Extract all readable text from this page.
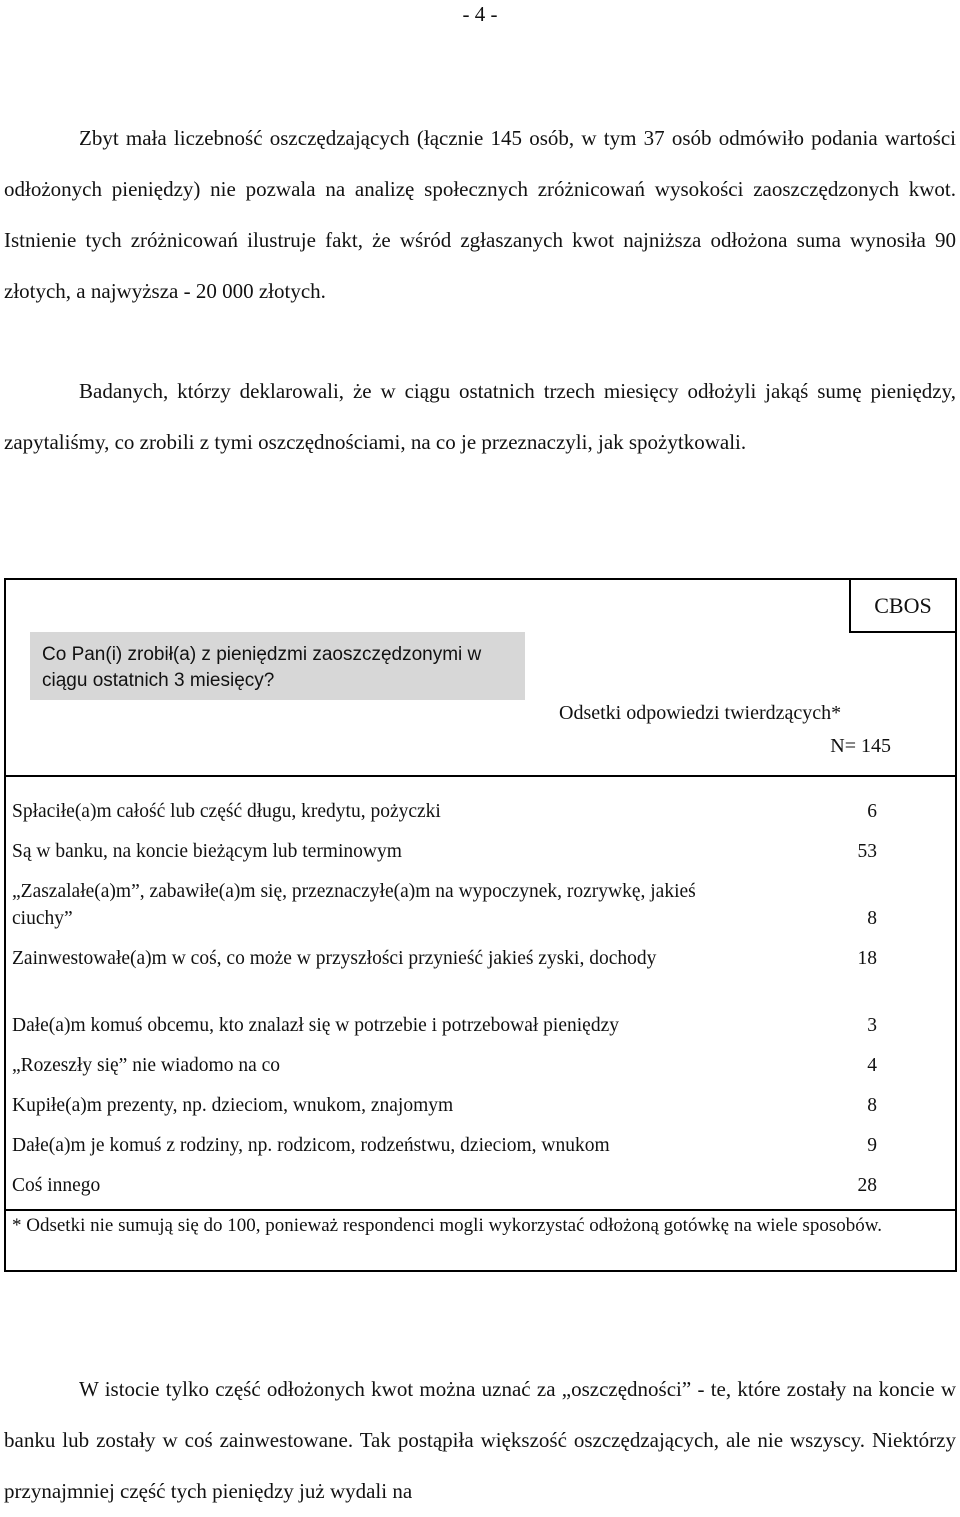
- 4 -
Zbyt mała liczebność oszczędzających (łącznie 145 osób, w tym 37 osób odmówiło podania wartości odłożonych pieniędzy) nie pozwala na analizę społecznych zróżnicowań wysokości zaoszczędzonych kwot. Istnienie tych zróżnicowań ilustruje fakt, że wśród zgłaszanych kwot najniższa odłożona suma wynosiła 90 złotych, a najwyższa - 20 000 złotych.
Badanych, którzy deklarowali, że w ciągu ostatnich trzech miesięcy odłożyli jakąś sumę pieniędzy, zapytaliśmy, co zrobili z tymi oszczędnościami, na co je przeznaczyli, jak spożytkowali.
CBOS
Co Pan(i) zrobił(a) z pieniędzmi zaoszczędzonymi w ciągu ostatnich 3 miesięcy?
Odsetki odpowiedzi twierdzących*
N= 145
Spłaciłe(a)m całość lub część długu, kredytu, pożyczki	6
Są w banku, na koncie bieżącym lub terminowym	53
„Zaszalałe(a)m”, zabawiłe(a)m się, przeznaczyłe(a)m na wypoczynek, rozrywkę, jakieś ciuchy”	8
Zainwestowałe(a)m w coś, co może w przyszłości przynieść jakieś zyski, dochody	18
Dałe(a)m komuś obcemu, kto znalazł się w potrzebie i potrzebował pieniędzy	3
„Rozeszły się” nie wiadomo na co	4
Kupiłe(a)m prezenty, np. dzieciom, wnukom, znajomym	8
Dałe(a)m je komuś z rodziny, np. rodzicom, rodzeństwu, dzieciom, wnukom	9
Coś innego	28
* Odsetki nie sumują się do 100, ponieważ respondenci mogli wykorzystać odłożoną gotówkę na wiele sposobów.
W istocie tylko część odłożonych kwot można uznać za „oszczędności” - te, które zostały na koncie w banku lub zostały w coś zainwestowane. Tak postąpiła większość oszczędzających, ale nie wszyscy. Niektórzy przynajmniej część tych pieniędzy już wydali na
